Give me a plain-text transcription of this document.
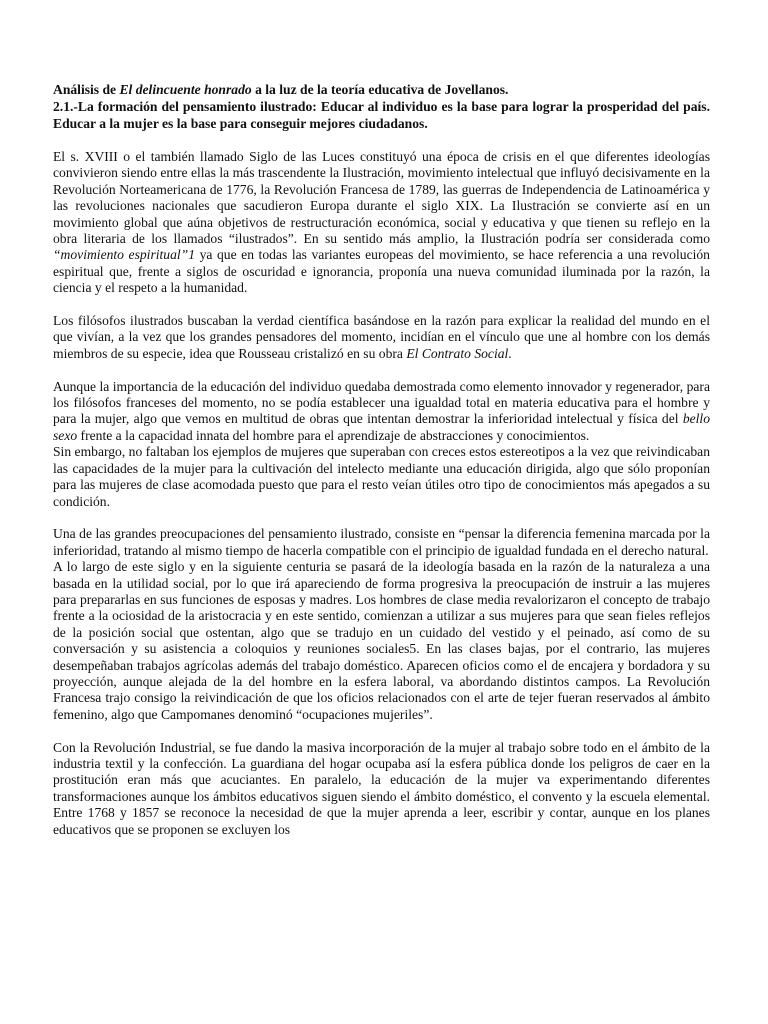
Análisis de El delincuente honrado a la luz de la teoría educativa de Jovellanos.

2.1.-La formación del pensamiento ilustrado: Educar al individuo es la base para lograr la prosperidad del país. Educar a la mujer es la base para conseguir mejores ciudadanos.

El s. XVIII o el también llamado Siglo de las Luces constituyó una época de crisis en el que diferentes ideologías convivieron siendo entre ellas la más trascendente la Ilustración, movimiento intelectual que influyó decisivamente en la Revolución Norteamericana de 1776, la Revolución Francesa de 1789, las guerras de Independencia de Latinoamérica y las revoluciones nacionales que sacudieron Europa durante el siglo XIX. La Ilustración se convierte así en un movimiento global que aúna objetivos de restructuración económica, social y educativa y que tienen su reflejo en la obra literaria de los llamados “ilustrados”. En su sentido más amplio, la Ilustración podría ser considerada como “movimiento espiritual”1 ya que en todas las variantes europeas del movimiento, se hace referencia a una revolución espiritual que, frente a siglos de oscuridad e ignorancia, proponía una nueva comunidad iluminada por la razón, la ciencia y el respeto a la humanidad.

Los filósofos ilustrados buscaban la verdad científica basándose en la razón para explicar la realidad del mundo en el que vivían, a la vez que los grandes pensadores del momento, incidían en el vínculo que une al hombre con los demás miembros de su especie, idea que Rousseau cristalizó en su obra El Contrato Social.

Aunque la importancia de la educación del individuo quedaba demostrada como elemento innovador y regenerador, para los filósofos franceses del momento, no se podía establecer una igualdad total en materia educativa para el hombre y para la mujer, algo que vemos en multitud de obras que intentan demostrar la inferioridad intelectual y física del bello sexo frente a la capacidad innata del hombre para el aprendizaje de abstracciones y conocimientos.

Sin embargo, no faltaban los ejemplos de mujeres que superaban con creces estos estereotipos a la vez que reivindicaban las capacidades de la mujer para la cultivación del intelecto mediante una educación dirigida, algo que sólo proponían para las mujeres de clase acomodada puesto que para el resto veían útiles otro tipo de conocimientos más apegados a su condición.

Una de las grandes preocupaciones del pensamiento ilustrado, consiste en “pensar la diferencia femenina marcada por la inferioridad, tratando al mismo tiempo de hacerla compatible con el principio de igualdad fundada en el derecho natural.

A lo largo de este siglo y en la siguiente centuria se pasará de la ideología basada en la razón de la naturaleza a una basada en la utilidad social, por lo que irá apareciendo de forma progresiva la preocupación de instruir a las mujeres para prepararlas en sus funciones de esposas y madres. Los hombres de clase media revalorizaron el concepto de trabajo frente a la ociosidad de la aristocracia y en este sentido, comienzan a utilizar a sus mujeres para que sean fieles reflejos de la posición social que ostentan, algo que se tradujo en un cuidado del vestido y el peinado, así como de su conversación y su asistencia a coloquios y reuniones sociales5. En las clases bajas, por el contrario, las mujeres desempeñaban trabajos agrícolas además del trabajo doméstico. Aparecen oficios como el de encajera y bordadora y su proyección, aunque alejada de la del hombre en la esfera laboral, va abordando distintos campos. La Revolución Francesa trajo consigo la reivindicación de que los oficios relacionados con el arte de tejer fueran reservados al ámbito femenino, algo que Campomanes denominó “ocupaciones mujeriles”.

Con la Revolución Industrial, se fue dando la masiva incorporación de la mujer al trabajo sobre todo en el ámbito de la industria textil y la confección. La guardiana del hogar ocupaba así la esfera pública donde los peligros de caer en la prostitución eran más que acuciantes. En paralelo, la educación de la mujer va experimentando diferentes transformaciones aunque los ámbitos educativos siguen siendo el ámbito doméstico, el convento y la escuela elemental. Entre 1768 y 1857 se reconoce la necesidad de que la mujer aprenda a leer, escribir y contar, aunque en los planes educativos que se proponen se excluyen los
